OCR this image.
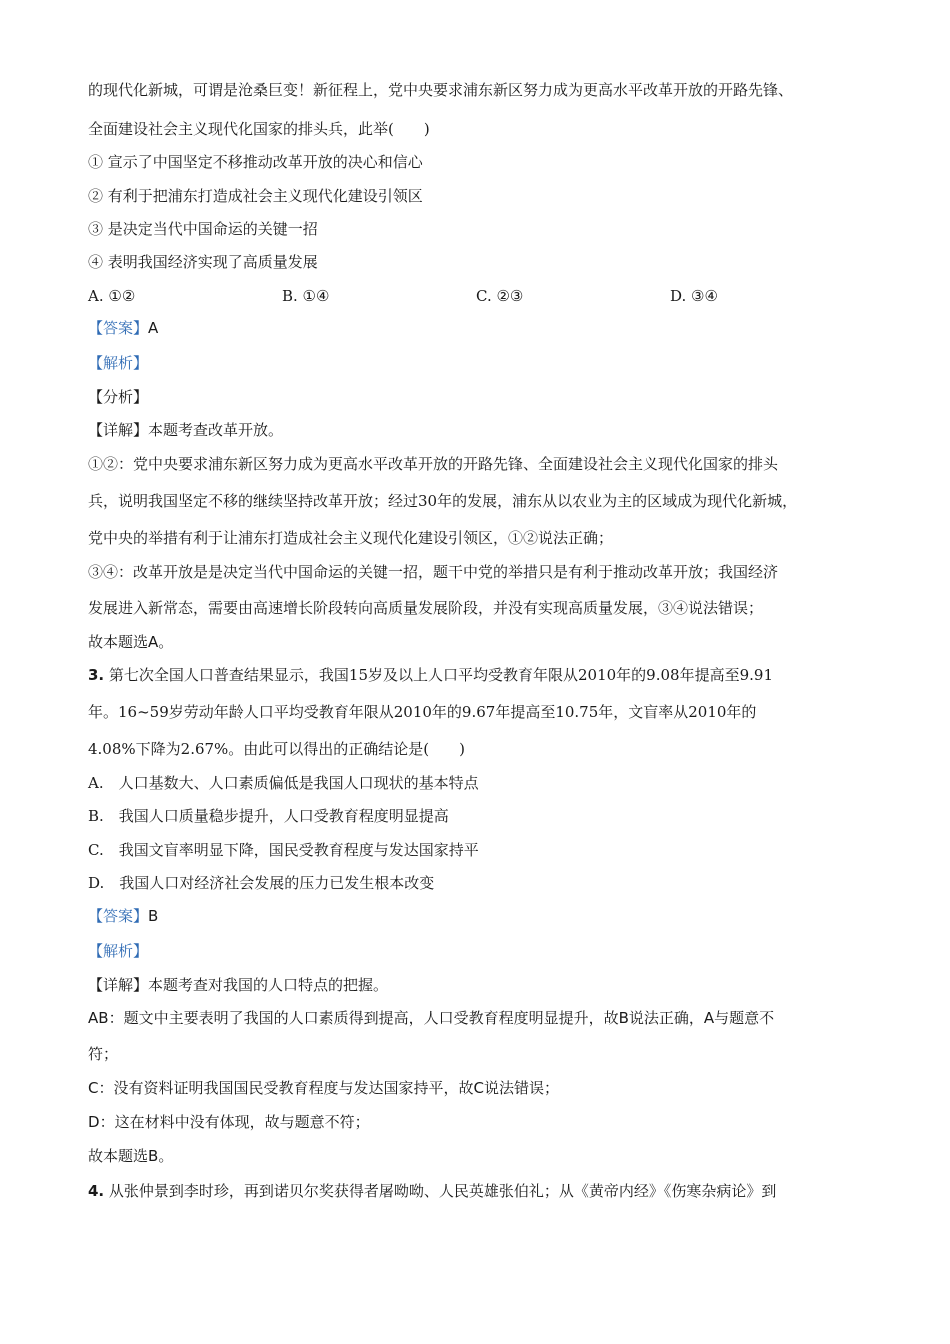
的现代化新城，可谓是沧桑巨变！新征程上，党中央要求浦东新区努力成为更高水平改革开放的开路先锋、
全面建设社会主义现代化国家的排头兵，此举(　　)
① 宣示了中国坚定不移推动改革开放的决心和信心
② 有利于把浦东打造成社会主义现代化建设引领区
③ 是决定当代中国命运的关键一招
④ 表明我国经济实现了高质量发展
A. ①②	B. ①④	C. ②③	D. ③④
【答案】A
【解析】
【分析】
【详解】本题考查改革开放。
①②：党中央要求浦东新区努力成为更高水平改革开放的开路先锋、全面建设社会主义现代化国家的排头
兵，说明我国坚定不移的继续坚持改革开放；经过30年的发展，浦东从以农业为主的区域成为现代化新城，
党中央的举措有利于让浦东打造成社会主义现代化建设引领区，①②说法正确；
③④：改革开放是是决定当代中国命运的关键一招，题干中党的举措只是有利于推动改革开放；我国经济
发展进入新常态，需要由高速增长阶段转向高质量发展阶段，并没有实现高质量发展，③④说法错误；
故本题选A。
3. 第七次全国人口普查结果显示，我国15岁及以上人口平均受教育年限从2010年的9.08年提高至9.91
年。16~59岁劳动年龄人口平均受教育年限从2010年的9.67年提高至10.75年，文盲率从2010年的
4.08%下降为2.67%。由此可以得出的正确结论是(　　)
A.　人口基数大、人口素质偏低是我国人口现状的基本特点
B.　我国人口质量稳步提升，人口受教育程度明显提高
C.　我国文盲率明显下降，国民受教育程度与发达国家持平
D.　我国人口对经济社会发展的压力已发生根本改变
【答案】B
【解析】
【详解】本题考查对我国的人口特点的把握。
AB：题文中主要表明了我国的人口素质得到提高，人口受教育程度明显提升，故B说法正确，A与题意不
符；
C：没有资料证明我国国民受教育程度与发达国家持平，故C说法错误；
D：这在材料中没有体现，故与题意不符；
故本题选B。
4. 从张仲景到李时珍，再到诺贝尔奖获得者屠呦呦、人民英雄张伯礼；从《黄帝内经》《伤寒杂病论》到
